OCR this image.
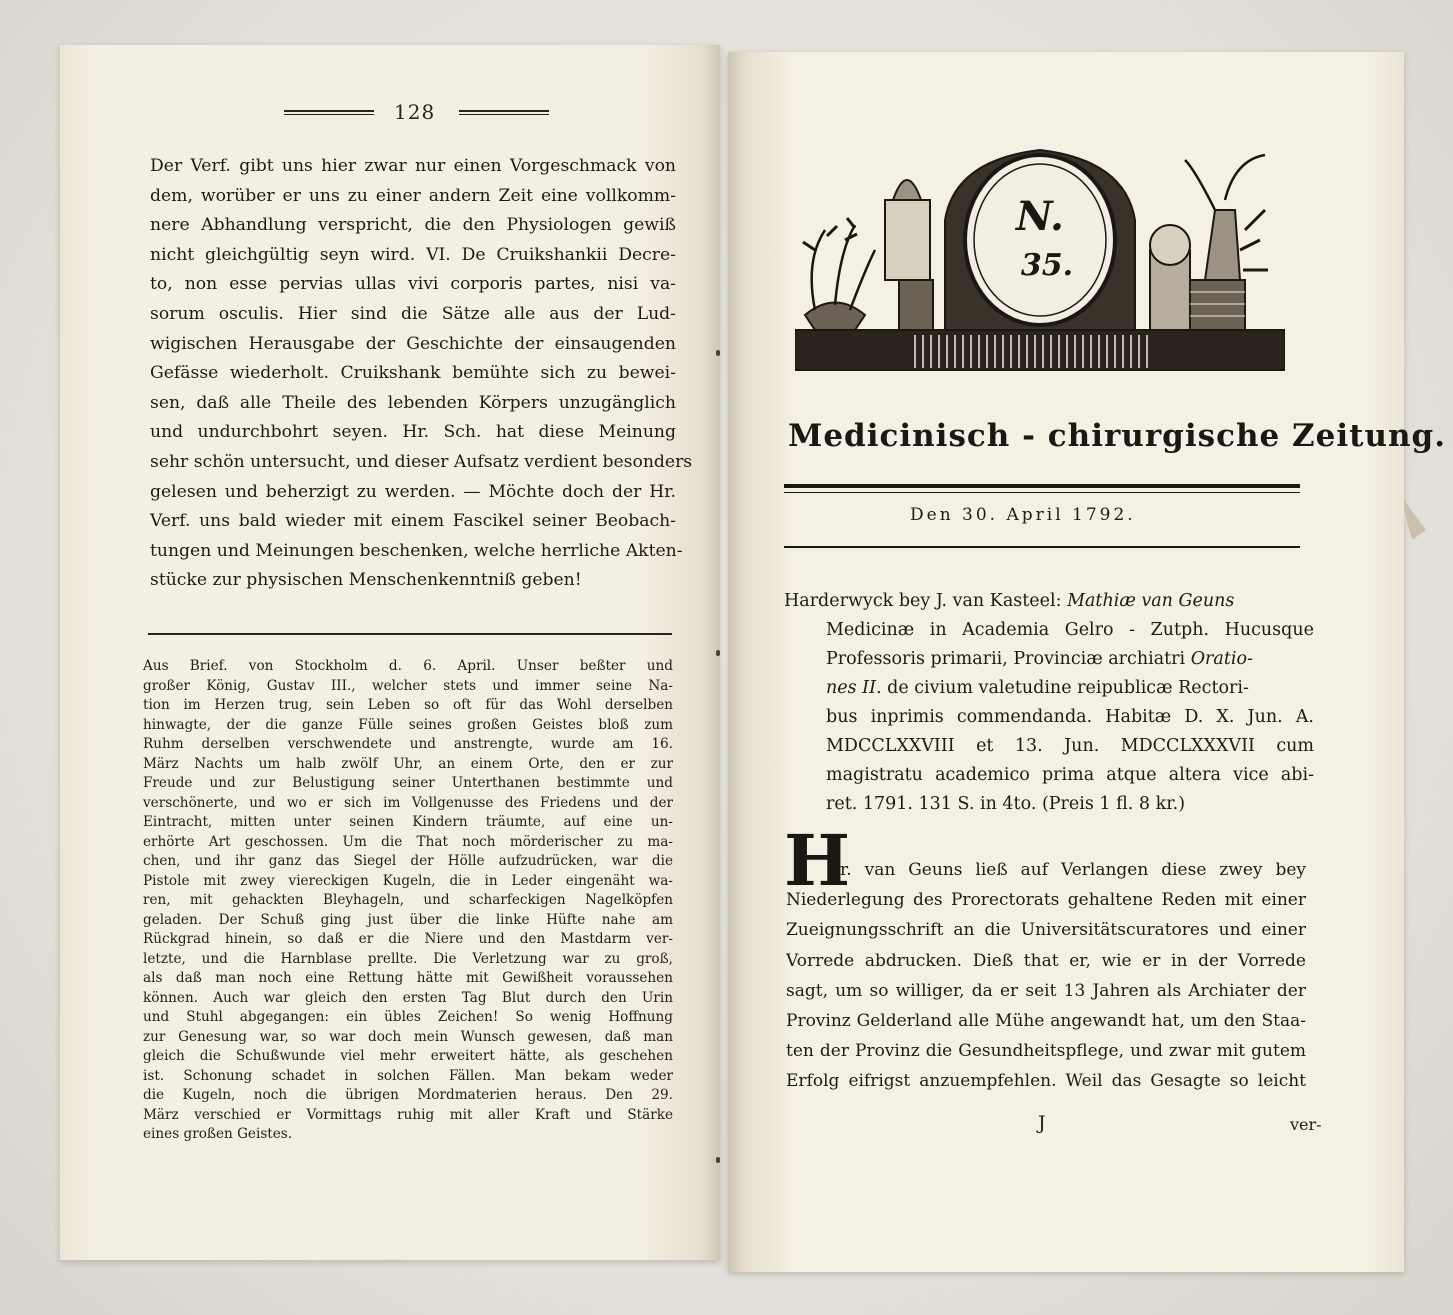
128
Der Verf. gibt uns hier zwar nur einen Vorgeschmack von
dem, worüber er uns zu einer andern Zeit eine vollkomm-
nere Abhandlung verspricht, die den Physiologen gewiß
nicht gleichgültig seyn wird. VI. De Cruikshankii Decre-
to, non esse pervias ullas vivi corporis partes, nisi va-
sorum osculis. Hier sind die Sätze alle aus der Lud-
wigischen Herausgabe der Geschichte der einsaugenden
Gefässe wiederholt. Cruikshank bemühte sich zu bewei-
sen, daß alle Theile des lebenden Körpers unzugänglich
und undurchbohrt seyen. Hr. Sch. hat diese Meinung
sehr schön untersucht, und dieser Aufsatz verdient besonders
gelesen und beherzigt zu werden. — Möchte doch der Hr.
Verf. uns bald wieder mit einem Fascikel seiner Beobach-
tungen und Meinungen beschenken, welche herrliche Akten-
stücke zur physischen Menschenkenntniß geben!
Aus Brief. von Stockholm d. 6. April. Unser beßter und
großer König, Gustav III., welcher stets und immer seine Na-
tion im Herzen trug, sein Leben so oft für das Wohl derselben
hinwagte, der die ganze Fülle seines großen Geistes bloß zum
Ruhm derselben verschwendete und anstrengte, wurde am 16.
März Nachts um halb zwölf Uhr, an einem Orte, den er zur
Freude und zur Belustigung seiner Unterthanen bestimmte und
verschönerte, und wo er sich im Vollgenusse des Friedens und der
Eintracht, mitten unter seinen Kindern träumte, auf eine un-
erhörte Art geschossen. Um die That noch mörderischer zu ma-
chen, und ihr ganz das Siegel der Hölle aufzudrücken, war die
Pistole mit zwey viereckigen Kugeln, die in Leder eingenäht wa-
ren, mit gehackten Bleyhageln, und scharfeckigen Nagelköpfen
geladen. Der Schuß ging just über die linke Hüfte nahe am
Rückgrad hinein, so daß er die Niere und den Mastdarm ver-
letzte, und die Harnblase prellte. Die Verletzung war zu groß,
als daß man noch eine Rettung hätte mit Gewißheit voraussehen
können. Auch war gleich den ersten Tag Blut durch den Urin
und Stuhl abgegangen: ein übles Zeichen! So wenig Hoffnung
zur Genesung war, so war doch mein Wunsch gewesen, daß man
gleich die Schußwunde viel mehr erweitert hätte, als geschehen
ist. Schonung schadet in solchen Fällen. Man bekam weder
die Kugeln, noch die übrigen Mordmaterien heraus. Den 29.
März verschied er Vormittags ruhig mit aller Kraft und Stärke
eines großen Geistes.
N.
35.
Medicinisch - chirurgische Zeitung.
Den 30. April 1792.
Harderwyck bey J. van Kasteel: Mathiæ van Geuns
Medicinæ in Academia Gelro - Zutph. Hucusque
Professoris primarii, Provinciæ archiatri Oratio-
nes II. de civium valetudine reipublicæ Rectori-
bus inprimis commendanda. Habitæ D. X. Jun. A.
MDCCLXXVIII et 13. Jun. MDCCLXXXVII cum
magistratu academico prima atque altera vice abi-
ret. 1791. 131 S. in 4to. (Preis 1 fl. 8 kr.)
H
r. van Geuns ließ auf Verlangen diese zwey bey
Niederlegung des Prorectorats gehaltene Reden mit einer
Zueignungsschrift an die Universitätscuratores und einer
Vorrede abdrucken. Dieß that er, wie er in der Vorrede
sagt, um so williger, da er seit 13 Jahren als Archiater der
Provinz Gelderland alle Mühe angewandt hat, um den Staa-
ten der Provinz die Gesundheitspflege, und zwar mit gutem
Erfolg eifrigst anzuempfehlen. Weil das Gesagte so leicht
J	ver-
